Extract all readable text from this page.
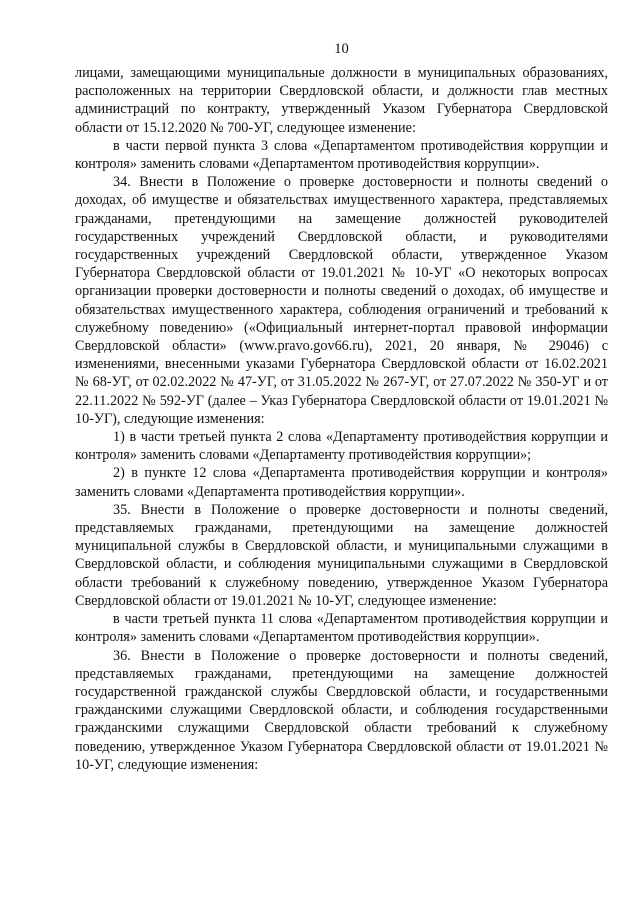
10

лицами, замещающими муниципальные должности в муниципальных образованиях, расположенных на территории Свердловской области, и должности глав местных администраций по контракту, утвержденный Указом Губернатора Свердловской области от 15.12.2020 № 700-УГ, следующее изменение:

в части первой пункта 3 слова «Департаментом противодействия коррупции и контроля» заменить словами «Департаментом противодействия коррупции».

34. Внести в Положение о проверке достоверности и полноты сведений о доходах, об имуществе и обязательствах имущественного характера, представляемых гражданами, претендующими на замещение должностей руководителей государственных учреждений Свердловской области, и руководителями государственных учреждений Свердловской области, утвержденное Указом Губернатора Свердловской области от 19.01.2021 № 10-УГ «О некоторых вопросах организации проверки достоверности и полноты сведений о доходах, об имуществе и обязательствах имущественного характера, соблюдения ограничений и требований к служебному поведению» («Официальный интернет-портал правовой информации Свердловской области» (www.pravo.gov66.ru), 2021, 20 января, № 29046) с изменениями, внесенными указами Губернатора Свердловской области от 16.02.2021 № 68-УГ, от 02.02.2022 № 47-УГ, от 31.05.2022 № 267-УГ, от 27.07.2022 № 350-УГ и от 22.11.2022 № 592-УГ (далее – Указ Губернатора Свердловской области от 19.01.2021 № 10-УГ), следующие изменения:

1) в части третьей пункта 2 слова «Департаменту противодействия коррупции и контроля» заменить словами «Департаменту противодействия коррупции»;

2) в пункте 12 слова «Департамента противодействия коррупции и контроля» заменить словами «Департамента противодействия коррупции».

35. Внести в Положение о проверке достоверности и полноты сведений, представляемых гражданами, претендующими на замещение должностей муниципальной службы в Свердловской области, и муниципальными служащими в Свердловской области, и соблюдения муниципальными служащими в Свердловской области требований к служебному поведению, утвержденное Указом Губернатора Свердловской области от 19.01.2021 № 10-УГ, следующее изменение:

в части третьей пункта 11 слова «Департаментом противодействия коррупции и контроля» заменить словами «Департаментом противодействия коррупции».

36. Внести в Положение о проверке достоверности и полноты сведений, представляемых гражданами, претендующими на замещение должностей государственной гражданской службы Свердловской области, и государственными гражданскими служащими Свердловской области, и соблюдения государственными гражданскими служащими Свердловской области требований к служебному поведению, утвержденное Указом Губернатора Свердловской области от 19.01.2021 № 10-УГ, следующие изменения:
